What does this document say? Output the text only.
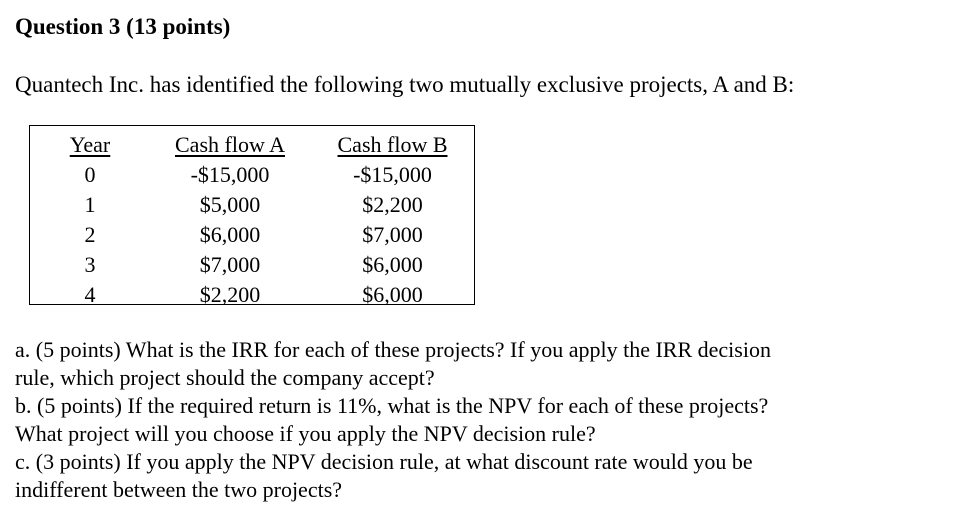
Question 3 (13 points)
Quantech Inc. has identified the following two mutually exclusive projects, A and B:
Year
0
1
2
3
4
Cash flow A
-$15,000
$5,000
$6,000
$7,000
$2,200
Cash flow B
-$15,000
$2,200
$7,000
$6,000
$6,000
a. (5 points) What is the IRR for each of these projects? If you apply the IRR decision
rule, which project should the company accept?
b. (5 points) If the required return is 11%, what is the NPV for each of these projects?
What project will you choose if you apply the NPV decision rule?
c. (3 points) If you apply the NPV decision rule, at what discount rate would you be
indifferent between the two projects?
